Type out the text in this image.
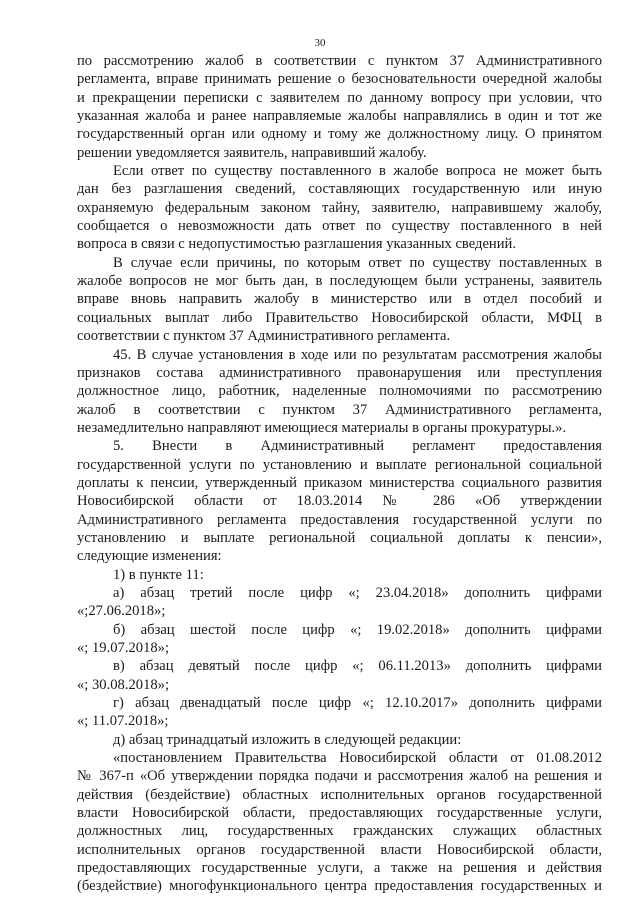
30
по рассмотрению жалоб в соответствии с пунктом 37 Административного
регламента, вправе принимать решение о безосновательности очередной жалобы
и прекращении переписки с заявителем по данному вопросу при условии, что
указанная жалоба и ранее направляемые жалобы направлялись в один и тот же
государственный орган или одному и тому же должностному лицу. О принятом
решении уведомляется заявитель, направивший жалобу.
Если ответ по существу поставленного в жалобе вопроса не может быть
дан без разглашения сведений, составляющих государственную или иную
охраняемую федеральным законом тайну, заявителю, направившему жалобу,
сообщается о невозможности дать ответ по существу поставленного в ней
вопроса в связи с недопустимостью разглашения указанных сведений.
В случае если причины, по которым ответ по существу поставленных в
жалобе вопросов не мог быть дан, в последующем были устранены, заявитель
вправе вновь направить жалобу в министерство или в отдел пособий и
социальных выплат либо Правительство Новосибирской области, МФЦ в
соответствии с пунктом 37 Административного регламента.
45. В случае установления в ходе или по результатам рассмотрения жалобы
признаков состава административного правонарушения или преступления
должностное лицо, работник, наделенные полномочиями по рассмотрению
жалоб в соответствии с пунктом 37 Административного регламента,
незамедлительно направляют имеющиеся материалы в органы прокуратуры.».
5. Внести в Административный регламент предоставления
государственной услуги по установлению и выплате региональной социальной
доплаты к пенсии, утвержденный приказом министерства социального развития
Новосибирской области от 18.03.2014 № 286 «Об утверждении
Административного регламента предоставления государственной услуги по
установлению и выплате региональной социальной доплаты к пенсии»,
следующие изменения:
1) в пункте 11:
а) абзац третий после цифр «; 23.04.2018» дополнить цифрами
«;27.06.2018»;
б) абзац шестой после цифр «; 19.02.2018» дополнить цифрами
«; 19.07.2018»;
в) абзац девятый после цифр «; 06.11.2013» дополнить цифрами
«; 30.08.2018»;
г) абзац двенадцатый после цифр «; 12.10.2017» дополнить цифрами
«; 11.07.2018»;
д) абзац тринадцатый изложить в следующей редакции:
«постановлением Правительства Новосибирской области от 01.08.2012
№ 367-п «Об утверждении порядка подачи и рассмотрения жалоб на решения и
действия (бездействие) областных исполнительных органов государственной
власти Новосибирской области, предоставляющих государственные услуги,
должностных лиц, государственных гражданских служащих областных
исполнительных органов государственной власти Новосибирской области,
предоставляющих государственные услуги, а также на решения и действия
(бездействие) многофункционального центра предоставления государственных и
